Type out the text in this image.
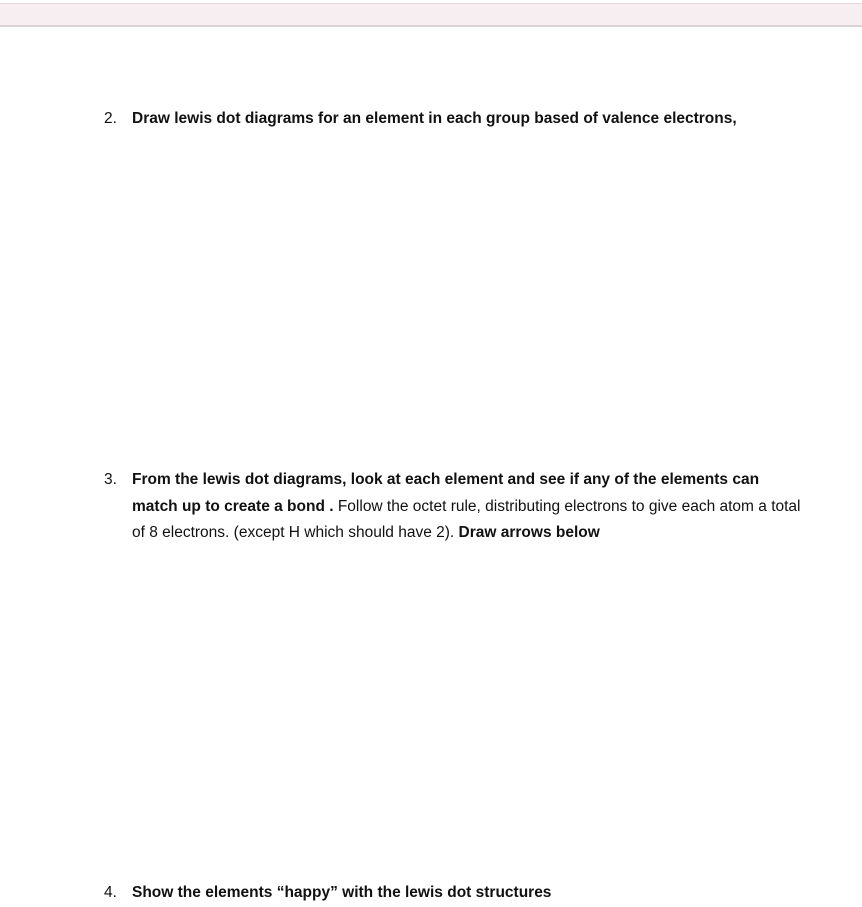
2. Draw lewis dot diagrams for an element in each group based of valence electrons,
3. From the lewis dot diagrams, look at each element and see if any of the elements can match up to create a bond . Follow the octet rule, distributing electrons to give each atom a total of 8 electrons. (except H which should have 2). Draw arrows below
4. Show the elements “happy” with the lewis dot structures
